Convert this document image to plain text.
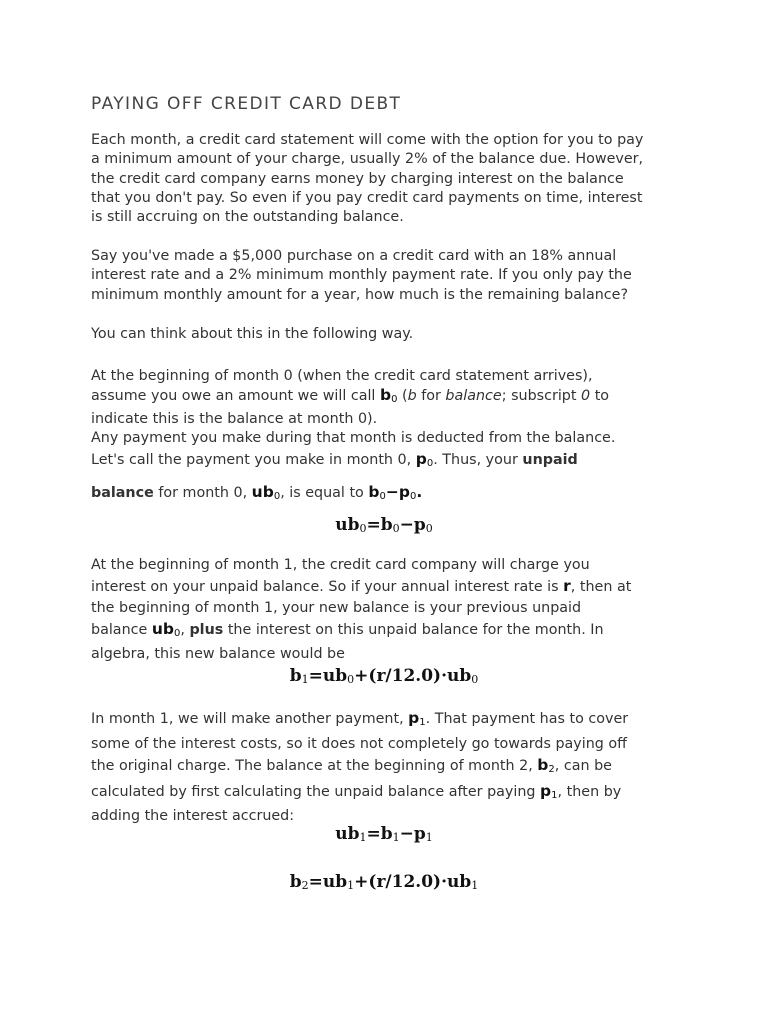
PAYING OFF CREDIT CARD DEBT
Each month, a credit card statement will come with the option for you to pay
a minimum amount of your charge, usually 2% of the balance due. However,
the credit card company earns money by charging interest on the balance
that you don't pay. So even if you pay credit card payments on time, interest
is still accruing on the outstanding balance.
Say you've made a $5,000 purchase on a credit card with an 18% annual
interest rate and a 2% minimum monthly payment rate. If you only pay the
minimum monthly amount for a year, how much is the remaining balance?
You can think about this in the following way.
At the beginning of month 0 (when the credit card statement arrives),
assume you owe an amount we will call $b_0$ (b for balance; subscript 0 to
indicate this is the balance at month 0).
Any payment you make during that month is deducted from the balance.
Let's call the payment you make in month 0, $p_0$. Thus, your unpaid
balance for month 0, $ub_0$, is equal to $b_0-p_0$.
$ub_0=b_0-p_0$
At the beginning of month 1, the credit card company will charge you
interest on your unpaid balance. So if your annual interest rate is r, then at
the beginning of month 1, your new balance is your previous unpaid
balance $ub_0$, plus the interest on this unpaid balance for the month. In
algebra, this new balance would be
$b_1=ub_0+(r/12.0)\cdot ub_0$
In month 1, we will make another payment, $p_1$. That payment has to cover
some of the interest costs, so it does not completely go towards paying off
the original charge. The balance at the beginning of month 2, $b_2$, can be
calculated by first calculating the unpaid balance after paying $p_1$, then by
adding the interest accrued:
$ub_1=b_1-p_1$
$b_2=ub_1+(r/12.0)\cdot ub_1$
